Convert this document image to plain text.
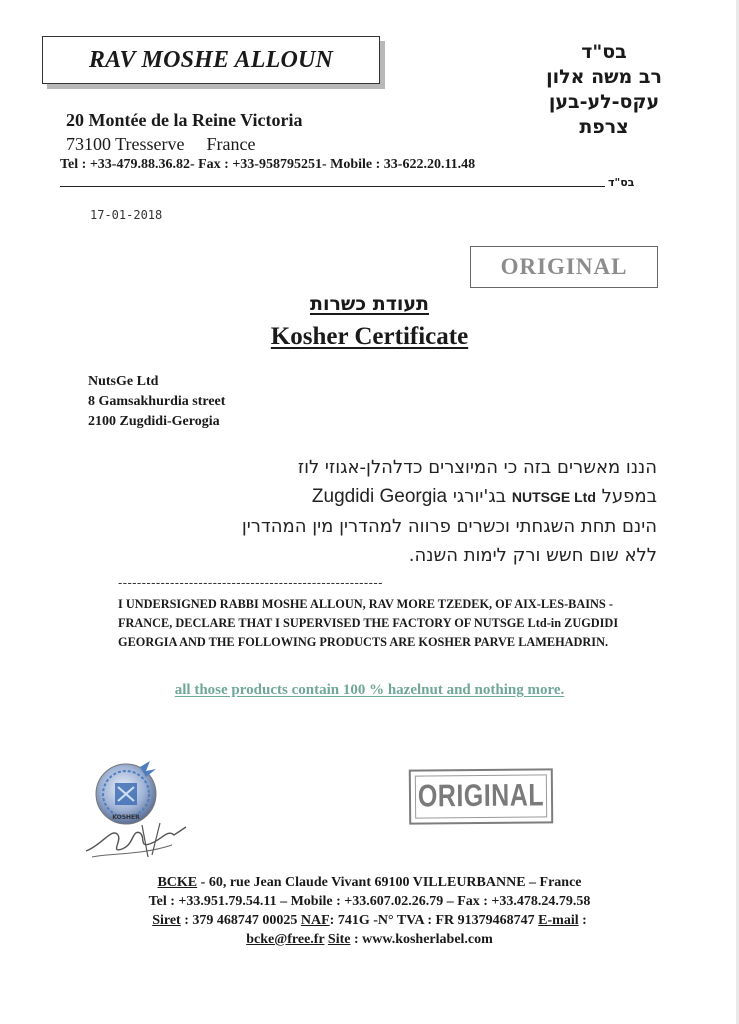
RAV MOSHE ALLOUN	בס"ד
רב משה אלון
עקס-לע-בען
צרפת
20 Montée de la Reine Victoria
73100 Tresserve France
Tel : +33-479.88.36.82- Fax : +33-958795251- Mobile : 33-622.20.11.48
בס"ד
17-01-2018
ORIGINAL
תעודת כשרות
Kosher Certificate
NutsGe Ltd
8 Gamsakhurdia street
2100 Zugdidi-Gerogia
הננו מאשרים בזה כי המיוצרים כדלהלן-אגוזי לוז
במפעל NUTSGE Ltd בג'יורגי Zugdidi Georgia
הינם תחת השגחתי וכשרים פרווה למהדרין מין המהדרין
ללא שום חשש ורק לימות השנה.
--------------------------------------------------------
I UNDERSIGNED RABBI MOSHE ALLOUN, RAV MORE TZEDEK, OF AIX-LES-BAINS - FRANCE, DECLARE THAT I SUPERVISED THE FACTORY OF NUTSGE Ltd-in ZUGDIDI GEORGIA AND THE FOLLOWING PRODUCTS ARE KOSHER PARVE LAMEHADRIN.
all those products contain 100 % hazelnut and nothing more.
KOSHER
ORIGINAL
BCKE - 60, rue Jean Claude Vivant 69100 VILLEURBANNE – France
Tel : +33.951.79.54.11 – Mobile : +33.607.02.26.79 – Fax : +33.478.24.79.58
Siret : 379 468747 00025 NAF: 741G -N° TVA : FR 91379468747 E-mail :
bcke@free.fr Site : www.kosherlabel.com
